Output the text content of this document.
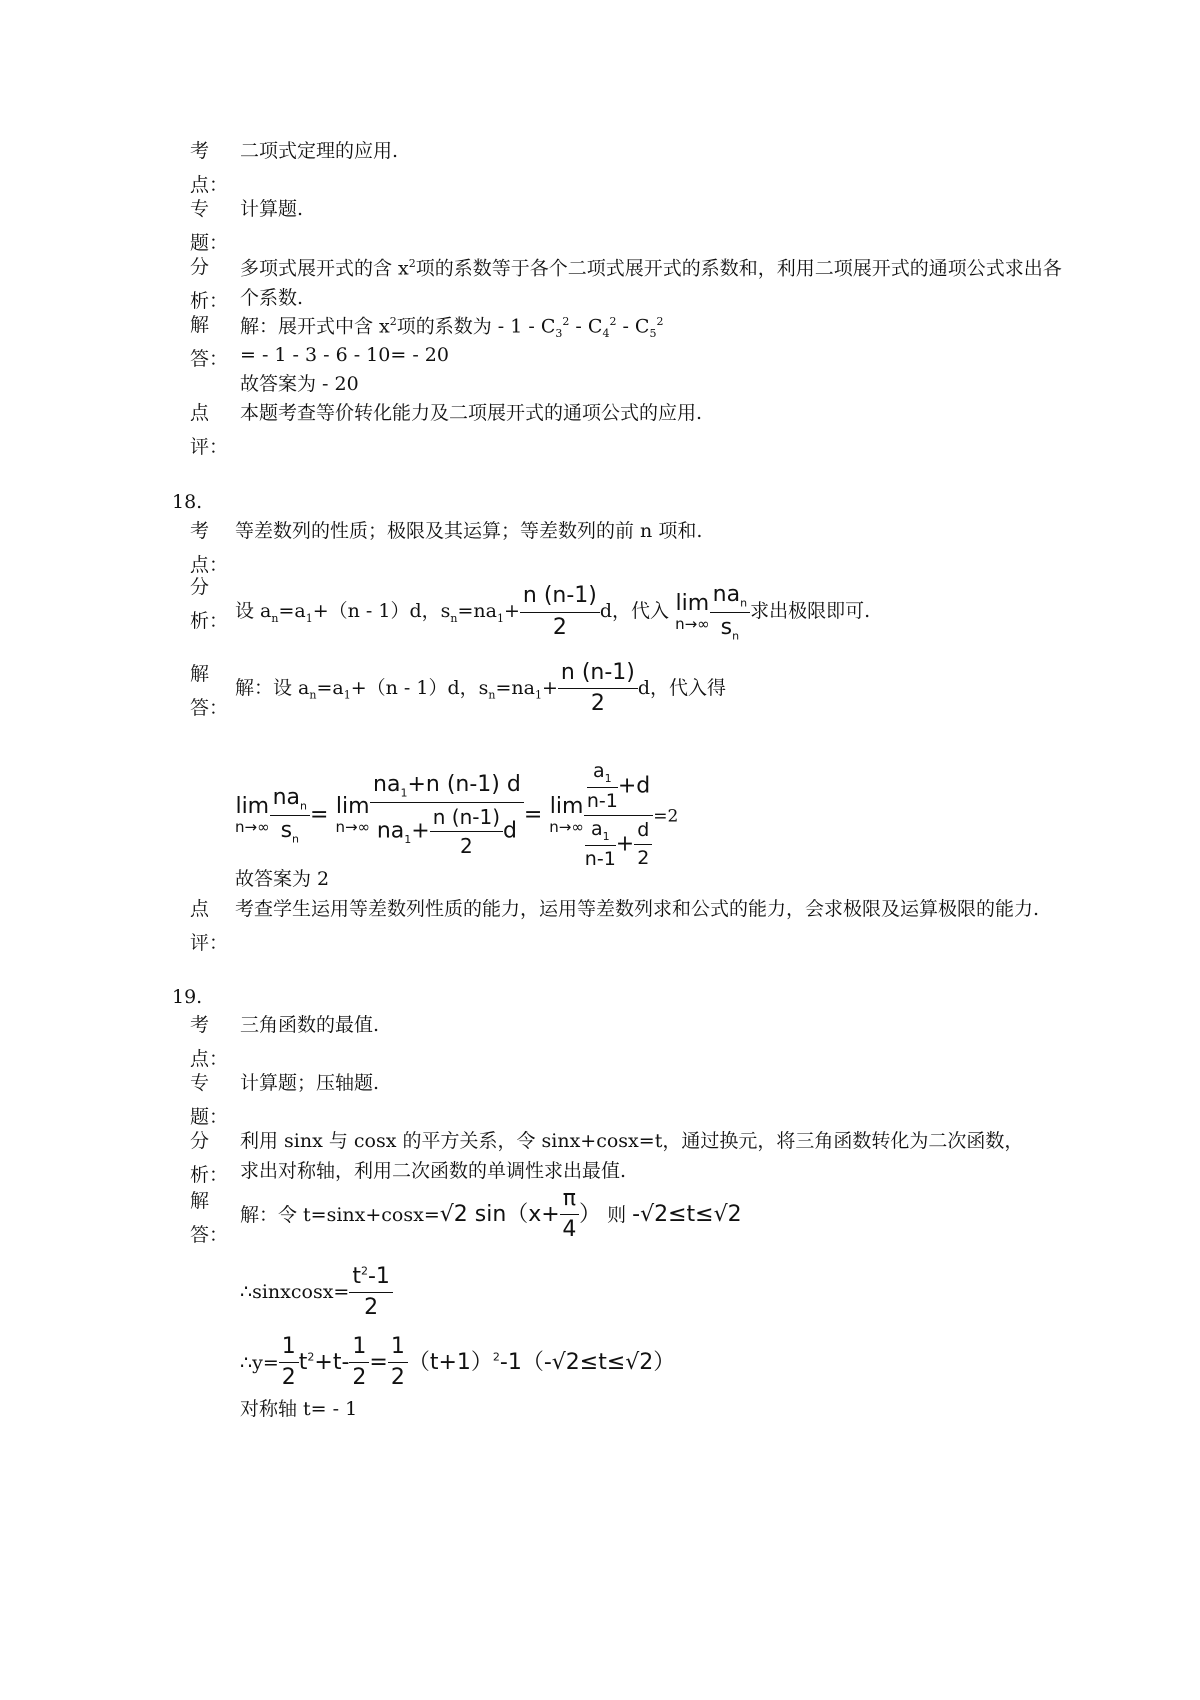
考
点：
二项式定理的应用.
专
题：
计算题.
分
析：
多项式展开式的含 $x^2$项的系数等于各个二项式展开式的系数和，利用二项展开式的通项公式求出各
个系数.
解
答：
解：展开式中含 $x^2$项的系数为 - $1 - C_3^2 - C_4^2 - C_5^2$
= - 1 - 3 - 6 - 10= - 20
故答案为 - 20
点
评：
本题考查等价转化能力及二项展开式的通项公式的应用.
18.
考
点：
等差数列的性质；极限及其运算；等差数列的前 n 项和.
分
析： 设 $a_n=a_1+(n - 1)d$，$s_n=na_1+ \frac{n (n-1)}{2}$ d，代入 lim
$n\to\infty \frac{na_n}{s_n}$ 求出极限即可.
解
答：
解：设 $a_n=a_1+(n - 1)d$，$s_n=na_1+ \frac{n (n-1)}{2}$ d，代入得
lim
$n\to\infty \frac{na_n}{s_n} = \lim$
$n\to\infty \frac{na_1+n (n-1) d}{na_1+ \frac{n (n-1)}{2} d} = \lim$
$n\to\infty \frac{\frac{a_1}{n-1} +d}{\frac{a_1}{n-1} + \frac{d}{2}} =2$
故答案为 2
点
评：
考查学生运用等差数列性质的能力，运用等差数列求和公式的能力，会求极限及运算极限的能力.
19.
考
点：
三角函数的最值.
专
题：
计算题；压轴题.
分
析：
利用 sinx 与 cosx 的平方关系，令 sinx+cosx=t，通过换元，将三角函数转化为二次函数，
求出对称轴，利用二次函数的单调性求出最值.
解
答：
解：令 t=sinx+cosx=√2 $\sin(x+ \frac{\pi}{4}$ ） 则 -√2≤t≤√2
∴sinxcosx= $\frac{t^2-1}{2}$
∴y= $\frac{1}{2} t^2+t- \frac{1}{2} = \frac{1}{2} (t+1)^2-1(-√2\le t\le√2)$
对称轴 t= - 1
